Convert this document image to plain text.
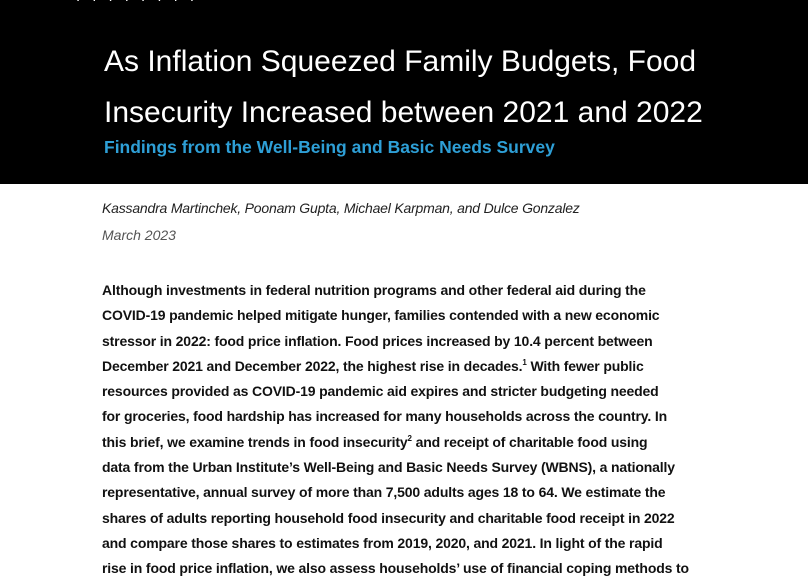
· · · · · · · ·
As Inflation Squeezed Family Budgets, Food
Insecurity Increased between 2021 and 2022
Findings from the Well-Being and Basic Needs Survey
Kassandra Martinchek, Poonam Gupta, Michael Karpman, and Dulce Gonzalez
March 2023
Although investments in federal nutrition programs and other federal aid during the
COVID-19 pandemic helped mitigate hunger, families contended with a new economic
stressor in 2022: food price inflation. Food prices increased by 10.4 percent between
December 2021 and December 2022, the highest rise in decades.$^1$ With fewer public
resources provided as COVID-19 pandemic aid expires and stricter budgeting needed
for groceries, food hardship has increased for many households across the country. In
this brief, we examine trends in food insecurity$^2$ and receipt of charitable food using
data from the Urban Institute’s Well-Being and Basic Needs Survey (WBNS), a nationally
representative, annual survey of more than 7,500 adults ages 18 to 64. We estimate the
shares of adults reporting household food insecurity and charitable food receipt in 2022
and compare those shares to estimates from 2019, 2020, and 2021. In light of the rapid
rise in food price inflation, we also assess households’ use of financial coping methods to
